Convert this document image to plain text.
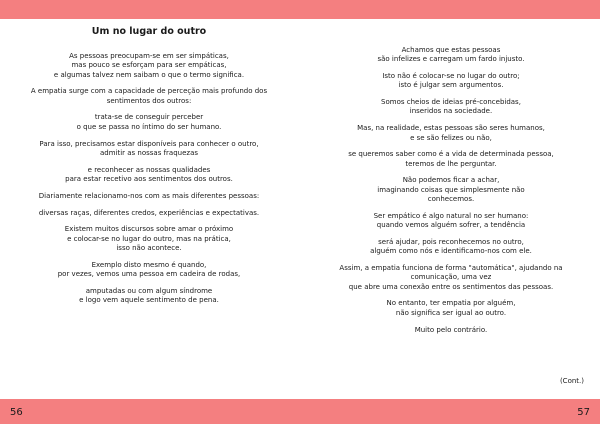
Um no lugar do outro

As pessoas preocupam-se em ser simpáticas,
mas pouco se esforçam para ser empáticas,
e algumas talvez nem saibam o que o termo significa.

A empatia surge com a capacidade de perceção mais profundo dos
sentimentos dos outros:

trata-se de conseguir perceber
o que se passa no íntimo do ser humano.

Para isso, precisamos estar disponíveis para conhecer o outro,
admitir as nossas fraquezas

e reconhecer as nossas qualidades
para estar recetivo aos sentimentos dos outros.

Diariamente relacionamo-nos com as mais diferentes pessoas:

diversas raças, diferentes credos, experiências e expectativas.

Existem muitos discursos sobre amar o próximo
e colocar-se no lugar do outro, mas na prática,
isso não acontece.

Exemplo disto mesmo é quando,
por vezes, vemos uma pessoa em cadeira de rodas,

amputadas ou com algum síndrome
e logo vem aquele sentimento de pena.

Achamos que estas pessoas
são infelizes e carregam um fardo injusto.

Isto não é colocar-se no lugar do outro;
isto é julgar sem argumentos.

Somos cheios de ideias pré-concebidas,
inseridos na sociedade.

Mas, na realidade, estas pessoas são seres humanos,
e se são felizes ou não,

se queremos saber como é a vida de determinada pessoa,
teremos de lhe perguntar.

Não podemos ficar a achar,
imaginando coisas que simplesmente não
conhecemos.

Ser empático é algo natural no ser humano:
quando vemos alguém sofrer, a tendência

será ajudar, pois reconhecemos no outro,
alguém como nós e identificamo-nos com ele.

Assim, a empatia funciona de forma "automática", ajudando na
comunicação, uma vez
que abre uma conexão entre os sentimentos das pessoas.

No entanto, ter empatia por alguém,
não significa ser igual ao outro.

Muito pelo contrário.

(Cont.)
56	57
